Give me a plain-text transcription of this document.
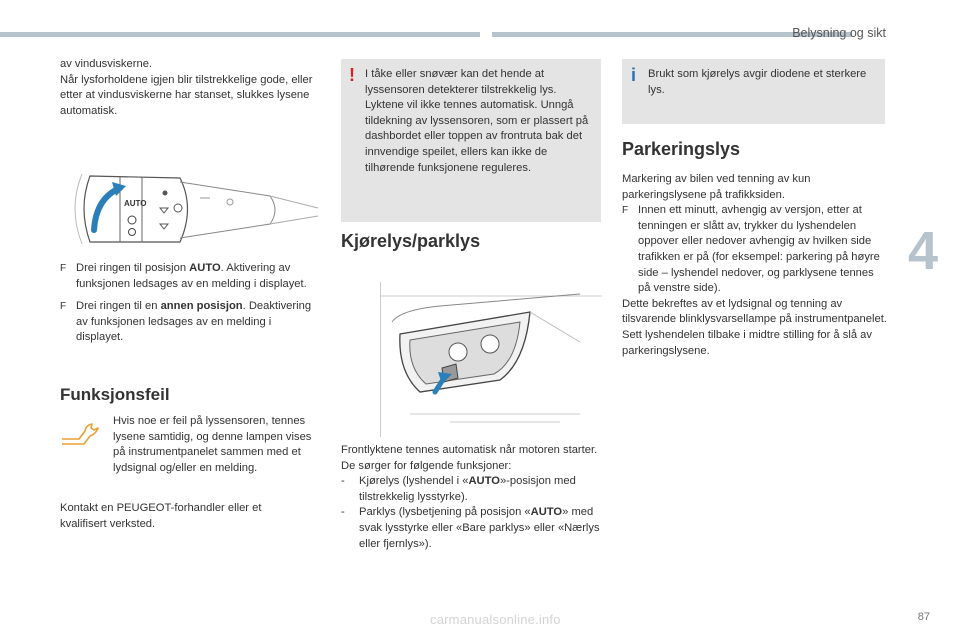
Belysning og sikt
4

av vindusviskerne.

Når lysforholdene igjen blir tilstrekkelige gode, eller etter at vindusviskerne har stanset, slukkes lysene automatisk.

AUTO
F Drei ringen til posisjon AUTO. Aktivering av funksjonen ledsages av en melding i displayet.
F Drei ringen til en annen posisjon. Deaktivering av funksjonen ledsages av en melding i displayet.
Funksjonsfeil
Hvis noe er feil på lyssensoren, tennes lysene samtidig, og denne lampen vises på instrumentpanelet sammen med et lydsignal og/eller en melding.
Kontakt en PEUGEOT-forhandler eller et kvalifisert verksted.
! I tåke eller snøvær kan det hende at lyssensoren detekterer tilstrekkelig lys. Lyktene vil ikke tennes automatisk. Unngå tildekning av lyssensoren, som er plassert på dashbordet eller toppen av frontruta bak det innvendige speilet, ellers kan ikke de tilhørende funksjonene reguleres.
Kjørelys/parklys

Frontlyktene tennes automatisk når motoren starter.

De sørger for følgende funksjoner:

-	Kjørelys (lyshendel i «AUTO»-posisjon med tilstrekkelig lysstyrke).
-	Parklys (lysbetjening på posisjon «AUTO» med svak lysstyrke eller «Bare parklys» eller «Nærlys eller fjernlys»).
i Brukt som kjørelys avgir diodene et sterkere lys.
Parkeringslys

Markering av bilen ved tenning av kun parkeringslysene på trafikksiden.

F Innen ett minutt, avhengig av versjon, etter at tenningen er slått av, trykker du lyshendelen oppover eller nedover avhengig av hvilken side trafikken er på (for eksempel: parkering på høyre side – lyshendel nedover, og parklysene tennes på venstre side).

Dette bekreftes av et lydsignal og tenning av tilsvarende blinklysvarsellampe på instrumentpanelet.

Sett lyshendelen tilbake i midtre stilling for å slå av parkeringslysene.

carmanualsonline.info	87
